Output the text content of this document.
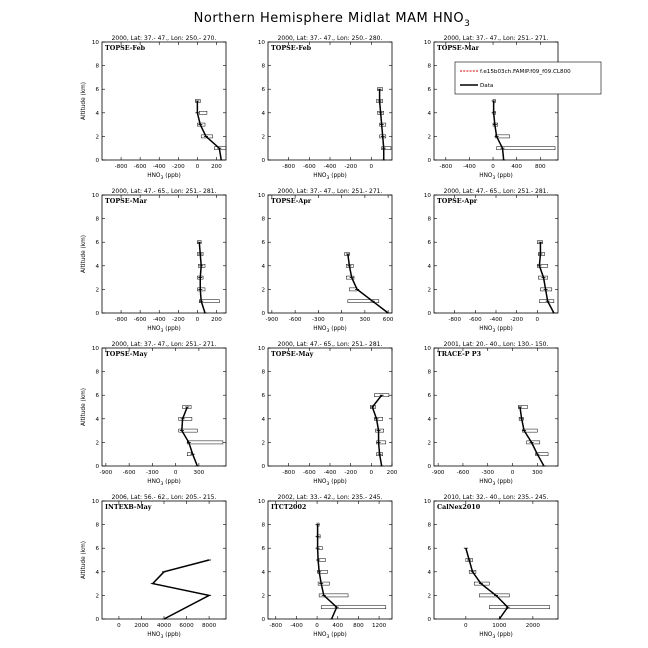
Northern Hemisphere Midlat MAM $HNO_3$
2000, Lat: 37.- 47., Lon: 250.- 270.
TOPSE-Feb
0
2
4
6
8
10
-800 -600 -400 -200 0 200
$HNO_3$ (ppb)
Altitude (km)
2000, Lat: 37.- 47., Lon: 250.- 280.
TOPSE-Feb
0
2
4
6
8
10
-800 -600 -400 -200 0
$HNO_3$ (ppb)
2000, Lat: 37.- 47., Lon: 251.- 271.
TOPSE-Mar
0
2
4
6
8
10
-800 -400	0	400 800
$HNO_3$ (ppb)
2000, Lat: 47.- 65., Lon: 251.- 281.
TOPSE-Mar
0
2
4
6
8
10
-800 -600 -400 -200 0 200
$HNO_3$ (ppb)
Altitude (km)
2000, Lat: 37.- 47., Lon: 251.- 271.
TOPSE-Apr
0
2
4
6
8
10
-900 -600 -300	0	300 600
$HNO_3$ (ppb)
2000, Lat: 47.- 65., Lon: 251.- 281.
TOPSE-Apr
0
2
4
6
8
10
-800 -600 -400 -200 0
$HNO_3$ (ppb)
2000, Lat: 37.- 47., Lon: 251.- 271.
TOPSE-May
0
2
4
6
8
10
-900 -600 -300	0	300
$HNO_3$ (ppb)
Altitude (km)
2000, Lat: 47.- 65., Lon: 251.- 281.
TOPSE-May
0
2
4
6
8
10
-800 -600 -400 -200 0 200
$HNO_3$ (ppb)
2001, Lat: 20.- 40., Lon: 130.- 150.
TRACE-P P3
0
2
4
6
8
10
-900 -600 -300	0	300
$HNO_3$ (ppb)
2006, Lat: 56.- 62., Lon: 205.- 215.
INTEXB-May
0
2
4
6
8
10
0 2000 4000 6000 8000
$HNO_3$ (ppb)
Altitude (km)
2002, Lat: 33.- 42., Lon: 235.- 245.
ITCT2002
0
2
4
6
8
10
-800 -400 0 400 800 1200
$HNO_3$ (ppb)
2010, Lat: 32.- 40., Lon: 235.- 245.
CalNex2010
0
2
4
6
8
10
0	1000	2000
$HNO_3$ (ppb)
f.e15b03ch.FAMIP.f09_f09.CL800
Data
